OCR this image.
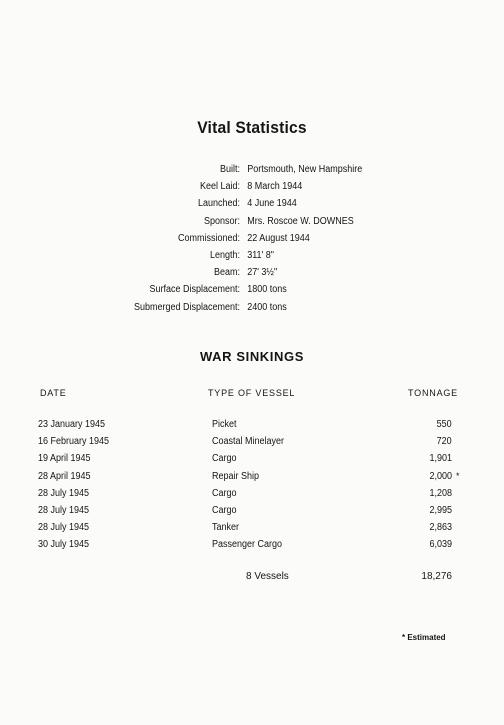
Vital Statistics
Built: Portsmouth, New Hampshire
Keel Laid: 8 March 1944
Launched: 4 June 1944
Sponsor: Mrs. Roscoe W. DOWNES
Commissioned: 22 August 1944
Length: 311' 8"
Beam: 27' 3½"
Surface Displacement: 1800 tons
Submerged Displacement: 2400 tons
WAR SINKINGS
DATE	TYPE OF VESSEL	TONNAGE
23 January 1945	Picket	550
16 February 1945	Coastal Minelayer	720
19 April 1945	Cargo	1,901
28 April 1945	Repair Ship	2,000 *
28 July 1945	Cargo	1,208
28 July 1945	Cargo	2,995
28 July 1945	Tanker	2,863
30 July 1945	Passenger Cargo	6,039
8 Vessels	18,276
* Estimated
